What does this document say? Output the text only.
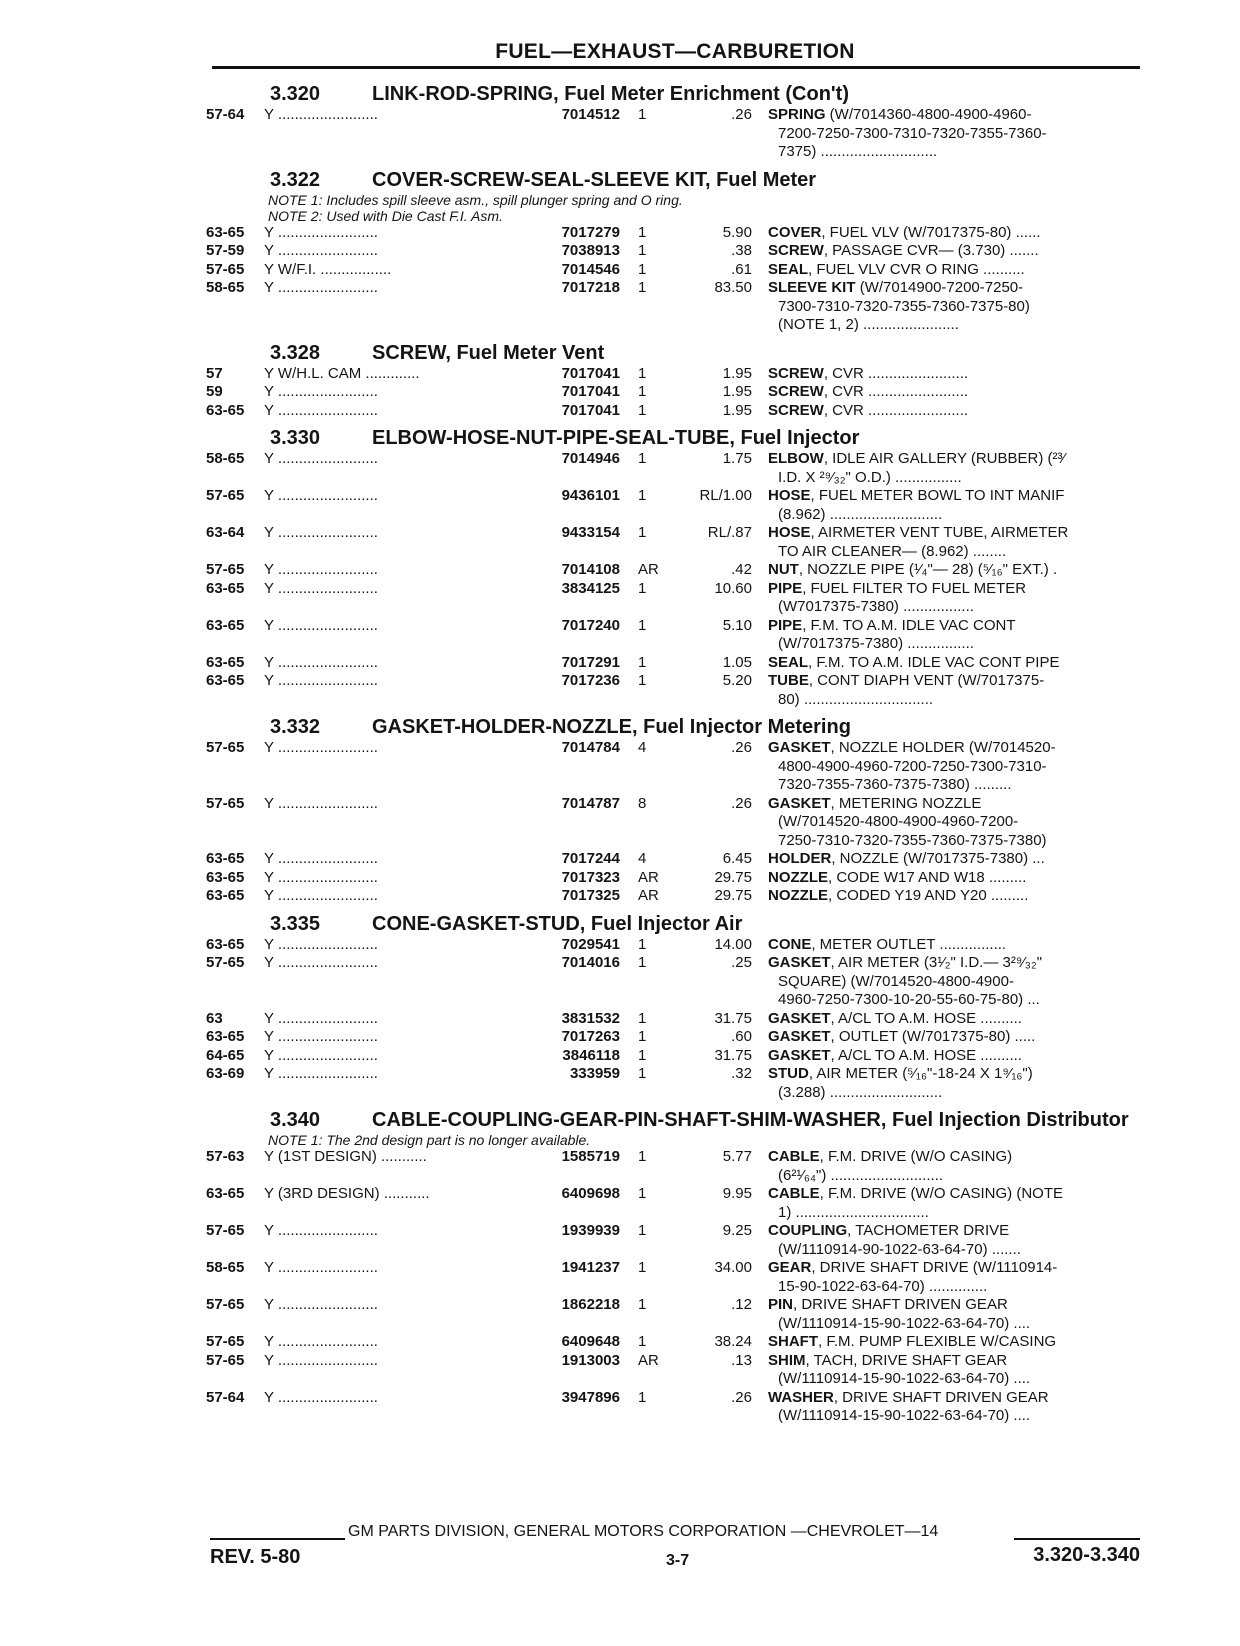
FUEL—EXHAUST—CARBURETION
3.320	LINK-ROD-SPRING, Fuel Meter Enrichment (Con't)
57-64	Y ........................	7014512	1	.26 SPRING (W/7014360-4800-4900-4960-
7200-7250-7300-7310-7320-7355-7360-
7375) ............................
3.322	COVER-SCREW-SEAL-SLEEVE KIT, Fuel Meter
NOTE 1: Includes spill sleeve asm., spill plunger spring and O ring.
NOTE 2: Used with Die Cast F.I. Asm.
63-65	Y ........................	7017279	1	5.90 COVER, FUEL VLV (W/7017375-80) ......
57-59	Y ........................	7038913	1	.38 SCREW, PASSAGE CVR— (3.730) .......
57-65	Y W/F.I. .................	7014546	1	.61 SEAL, FUEL VLV CVR O RING ..........
58-65	Y ........................	7017218	1	83.50 SLEEVE KIT (W/7014900-7200-7250-
7300-7310-7320-7355-7360-7375-80)
(NOTE 1, 2) .......................
3.328	SCREW, Fuel Meter Vent
57	Y W/H.L. CAM .............	7017041	1	1.95 SCREW, CVR ........................
59	Y ........................	7017041	1	1.95 SCREW, CVR ........................
63-65	Y ........................	7017041	1	1.95 SCREW, CVR ........................
3.330	ELBOW-HOSE-NUT-PIPE-SEAL-TUBE, Fuel Injector
58-65	Y ........................	7014946	1	1.75 ELBOW, IDLE AIR GALLERY (RUBBER) (²³⁄
I.D. X ²⁹⁄₃₂" O.D.) ................
57-65	Y ........................	9436101	1	RL/1.00 HOSE, FUEL METER BOWL TO INT MANIF
(8.962) ...........................
63-64	Y ........................	9433154	1	RL/.87 HOSE, AIRMETER VENT TUBE, AIRMETER
TO AIR CLEANER— (8.962) ........
57-65	Y ........................	7014108	AR	.42 NUT, NOZZLE PIPE (¹⁄₄"— 28) (⁵⁄₁₆" EXT.) .
63-65	Y ........................	3834125	1	10.60 PIPE, FUEL FILTER TO FUEL METER
(W7017375-7380) .................
63-65	Y ........................	7017240	1	5.10 PIPE, F.M. TO A.M. IDLE VAC CONT
(W/7017375-7380) ................
63-65	Y ........................	7017291	1	1.05 SEAL, F.M. TO A.M. IDLE VAC CONT PIPE
63-65	Y ........................	7017236	1	5.20 TUBE, CONT DIAPH VENT (W/7017375-
80) ...............................
3.332	GASKET-HOLDER-NOZZLE, Fuel Injector Metering
57-65	Y ........................	7014784	4	.26 GASKET, NOZZLE HOLDER (W/7014520-
4800-4900-4960-7200-7250-7300-7310-
7320-7355-7360-7375-7380) .........
57-65	Y ........................	7014787	8	.26 GASKET, METERING NOZZLE
(W/7014520-4800-4900-4960-7200-
7250-7310-7320-7355-7360-7375-7380)
63-65	Y ........................	7017244	4	6.45 HOLDER, NOZZLE (W/7017375-7380) ...
63-65	Y ........................	7017323	AR	29.75 NOZZLE, CODE W17 AND W18 .........
63-65	Y ........................	7017325	AR	29.75 NOZZLE, CODED Y19 AND Y20 .........
3.335	CONE-GASKET-STUD, Fuel Injector Air
63-65	Y ........................	7029541	1	14.00 CONE, METER OUTLET ................
57-65	Y ........................	7014016	1	.25 GASKET, AIR METER (3¹⁄₂" I.D.— 3²⁹⁄₃₂"
SQUARE) (W/7014520-4800-4900-
4960-7250-7300-10-20-55-60-75-80) ...
63	Y ........................	3831532	1	31.75 GASKET, A/CL TO A.M. HOSE ..........
63-65	Y ........................	7017263	1	.60 GASKET, OUTLET (W/7017375-80) .....
64-65	Y ........................	3846118	1	31.75 GASKET, A/CL TO A.M. HOSE ..........
63-69	Y ........................	333959	1	.32 STUD, AIR METER (⁵⁄₁₆"-18-24 X 1⁹⁄₁₆")
(3.288) ...........................
3.340	CABLE-COUPLING-GEAR-PIN-SHAFT-SHIM-WASHER, Fuel Injection Distributor
NOTE 1: The 2nd design part is no longer available.
57-63	Y (1ST DESIGN) ...........	1585719	1	5.77 CABLE, F.M. DRIVE (W/O CASING)
(6²¹⁄₆₄") ...........................
63-65	Y (3RD DESIGN) ...........	6409698	1	9.95 CABLE, F.M. DRIVE (W/O CASING) (NOTE
1) ................................
57-65	Y ........................	1939939	1	9.25 COUPLING, TACHOMETER DRIVE
(W/1110914-90-1022-63-64-70) .......
58-65	Y ........................	1941237	1	34.00 GEAR, DRIVE SHAFT DRIVE (W/1110914-
15-90-1022-63-64-70) ..............
57-65	Y ........................	1862218	1	.12 PIN, DRIVE SHAFT DRIVEN GEAR
(W/1110914-15-90-1022-63-64-70) ....
57-65	Y ........................	6409648	1	38.24 SHAFT, F.M. PUMP FLEXIBLE W/CASING
57-65	Y ........................	1913003	AR	.13 SHIM, TACH, DRIVE SHAFT GEAR
(W/1110914-15-90-1022-63-64-70) ....
57-64	Y ........................	3947896	1	.26 WASHER, DRIVE SHAFT DRIVEN GEAR
(W/1110914-15-90-1022-63-64-70) ....
GM PARTS DIVISION, GENERAL MOTORS CORPORATION —CHEVROLET—14
REV. 5-80	3-7	3.320-3.340
